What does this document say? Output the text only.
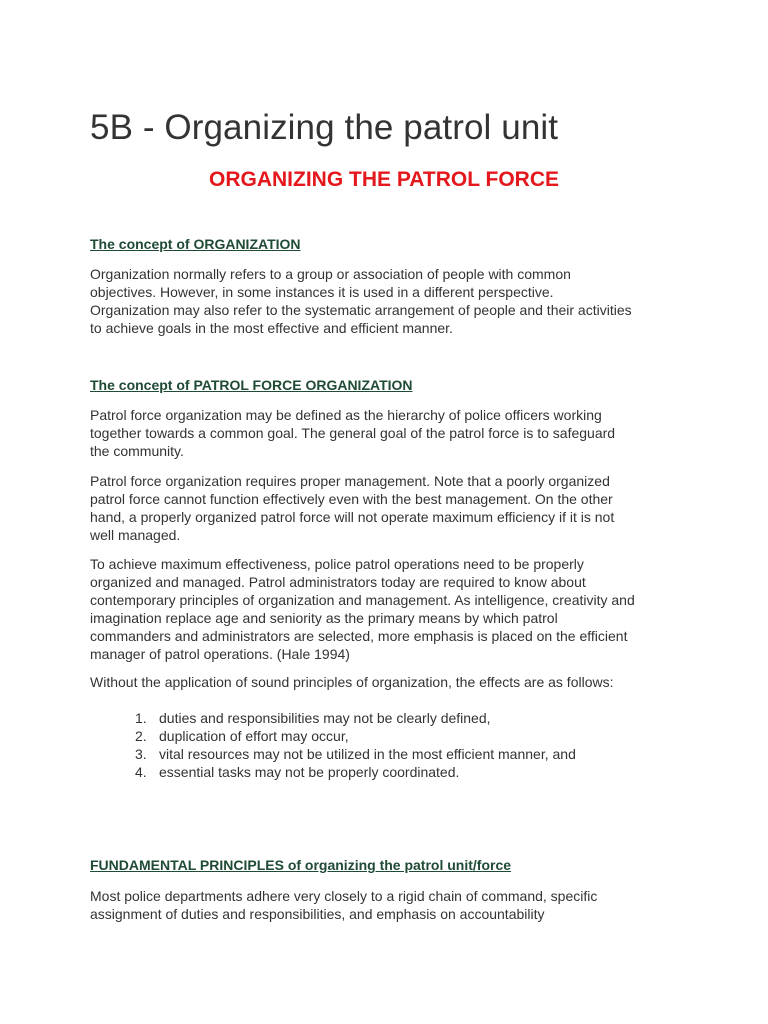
5B - Organizing the patrol unit
ORGANIZING THE PATROL FORCE
The concept of ORGANIZATION

Organization normally refers to a group or association of people with common
objectives. However, in some instances it is used in a different perspective.
Organization may also refer to the systematic arrangement of people and their activities
to achieve goals in the most effective and efficient manner.

The concept of PATROL FORCE ORGANIZATION

Patrol force organization may be defined as the hierarchy of police officers working
together towards a common goal. The general goal of the patrol force is to safeguard
the community.

Patrol force organization requires proper management. Note that a poorly organized
patrol force cannot function effectively even with the best management. On the other
hand, a properly organized patrol force will not operate maximum efficiency if it is not
well managed.

To achieve maximum effectiveness, police patrol operations need to be properly
organized and managed. Patrol administrators today are required to know about
contemporary principles of organization and management. As intelligence, creativity and
imagination replace age and seniority as the primary means by which patrol
commanders and administrators are selected, more emphasis is placed on the efficient
manager of patrol operations. (Hale 1994)

Without the application of sound principles of organization, the effects are as follows:

1. duties and responsibilities may not be clearly defined,
2. duplication of effort may occur,
3. vital resources may not be utilized in the most efficient manner, and
4. essential tasks may not be properly coordinated.
FUNDAMENTAL PRINCIPLES of organizing the patrol unit/force

Most police departments adhere very closely to a rigid chain of command, specific
assignment of duties and responsibilities, and emphasis on accountability
